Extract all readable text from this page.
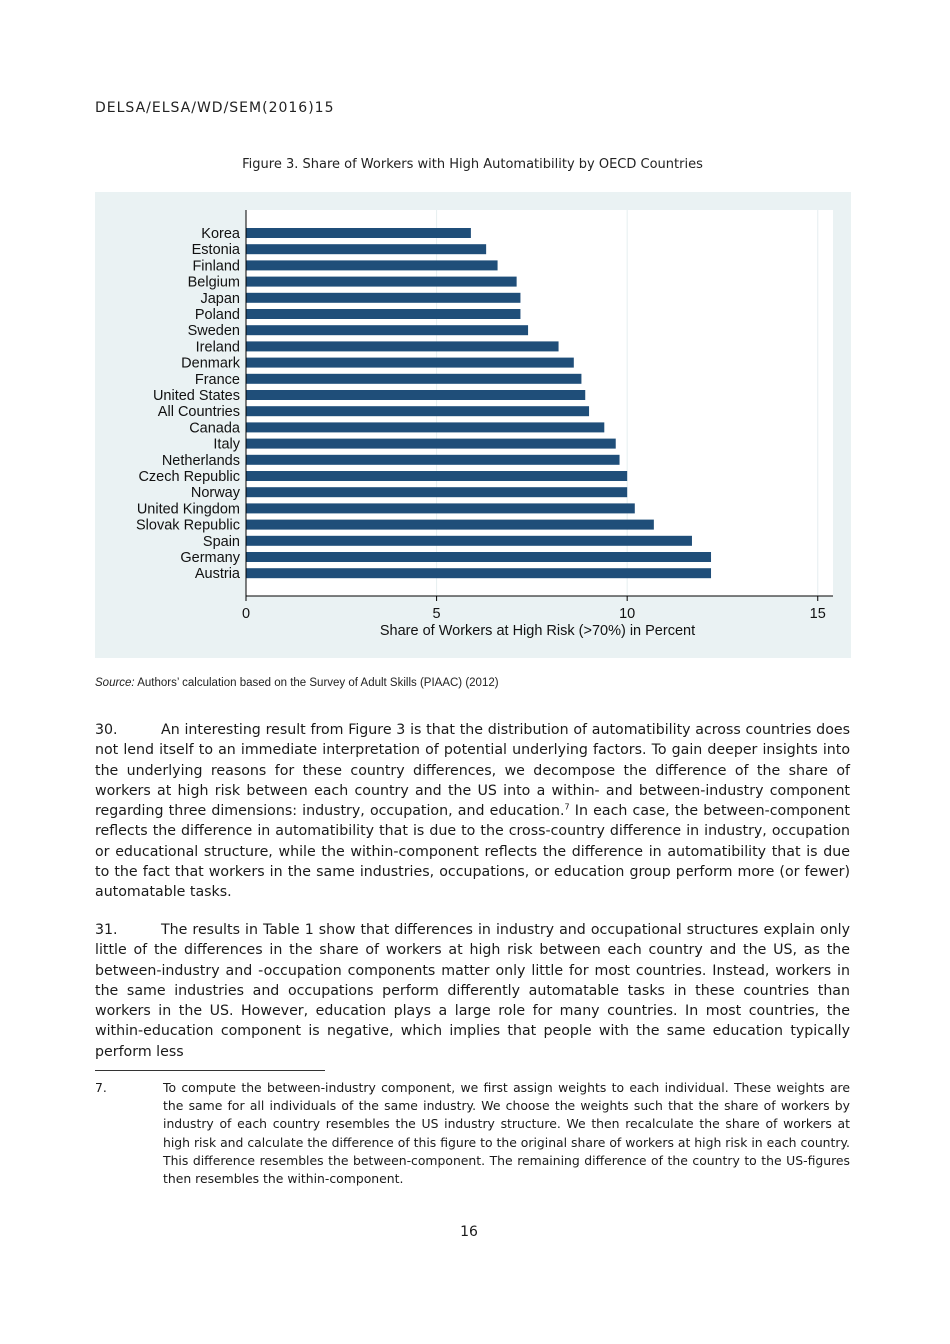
DELSA/ELSA/WD/SEM(2016)15
Figure 3. Share of Workers with High Automatibility by OECD Countries
Korea
Estonia
Finland
Belgium
Japan
Poland
Sweden
Ireland
Denmark
France
United States
All Countries
Canada
Italy
Netherlands
Czech Republic
Norway
United Kingdom
Slovak Republic
Spain
Germany
Austria
0	5	10	15
Share of Workers at High Risk (>70%) in Percent
Source: Authors’ calculation based on the Survey of Adult Skills (PIAAC) (2012)

30.	An interesting result from Figure 3 is that the distribution of automatibility across countries does not lend itself to an immediate interpretation of potential underlying factors. To gain deeper insights into the underlying reasons for these country differences, we decompose the difference of the share of workers at high risk between each country and the US into a within- and between-industry component regarding three dimensions: industry, occupation, and education.$^7$ In each case, the between-component reflects the difference in automatibility that is due to the cross-country difference in industry, occupation or educational structure, while the within-component reflects the difference in automatibility that is due to the fact that workers in the same industries, occupations, or education group perform more (or fewer) automatable tasks.

31.	The results in Table 1 show that differences in industry and occupational structures explain only little of the differences in the share of workers at high risk between each country and the US, as the between-industry and -occupation components matter only little for most countries. Instead, workers in the same industries and occupations perform differently automatable tasks in these countries than workers in the US. However, education plays a large role for many countries. In most countries, the within-education component is negative, which implies that people with the same education typically perform less

7.	To compute the between-industry component, we first assign weights to each individual. These weights are the same for all individuals of the same industry. We choose the weights such that the share of workers by industry of each country resembles the US industry structure. We then recalculate the share of workers at high risk and calculate the difference of this figure to the original share of workers at high risk in each country. This difference resembles the between-component. The remaining difference of the country to the US-figures then resembles the within-component.
16
